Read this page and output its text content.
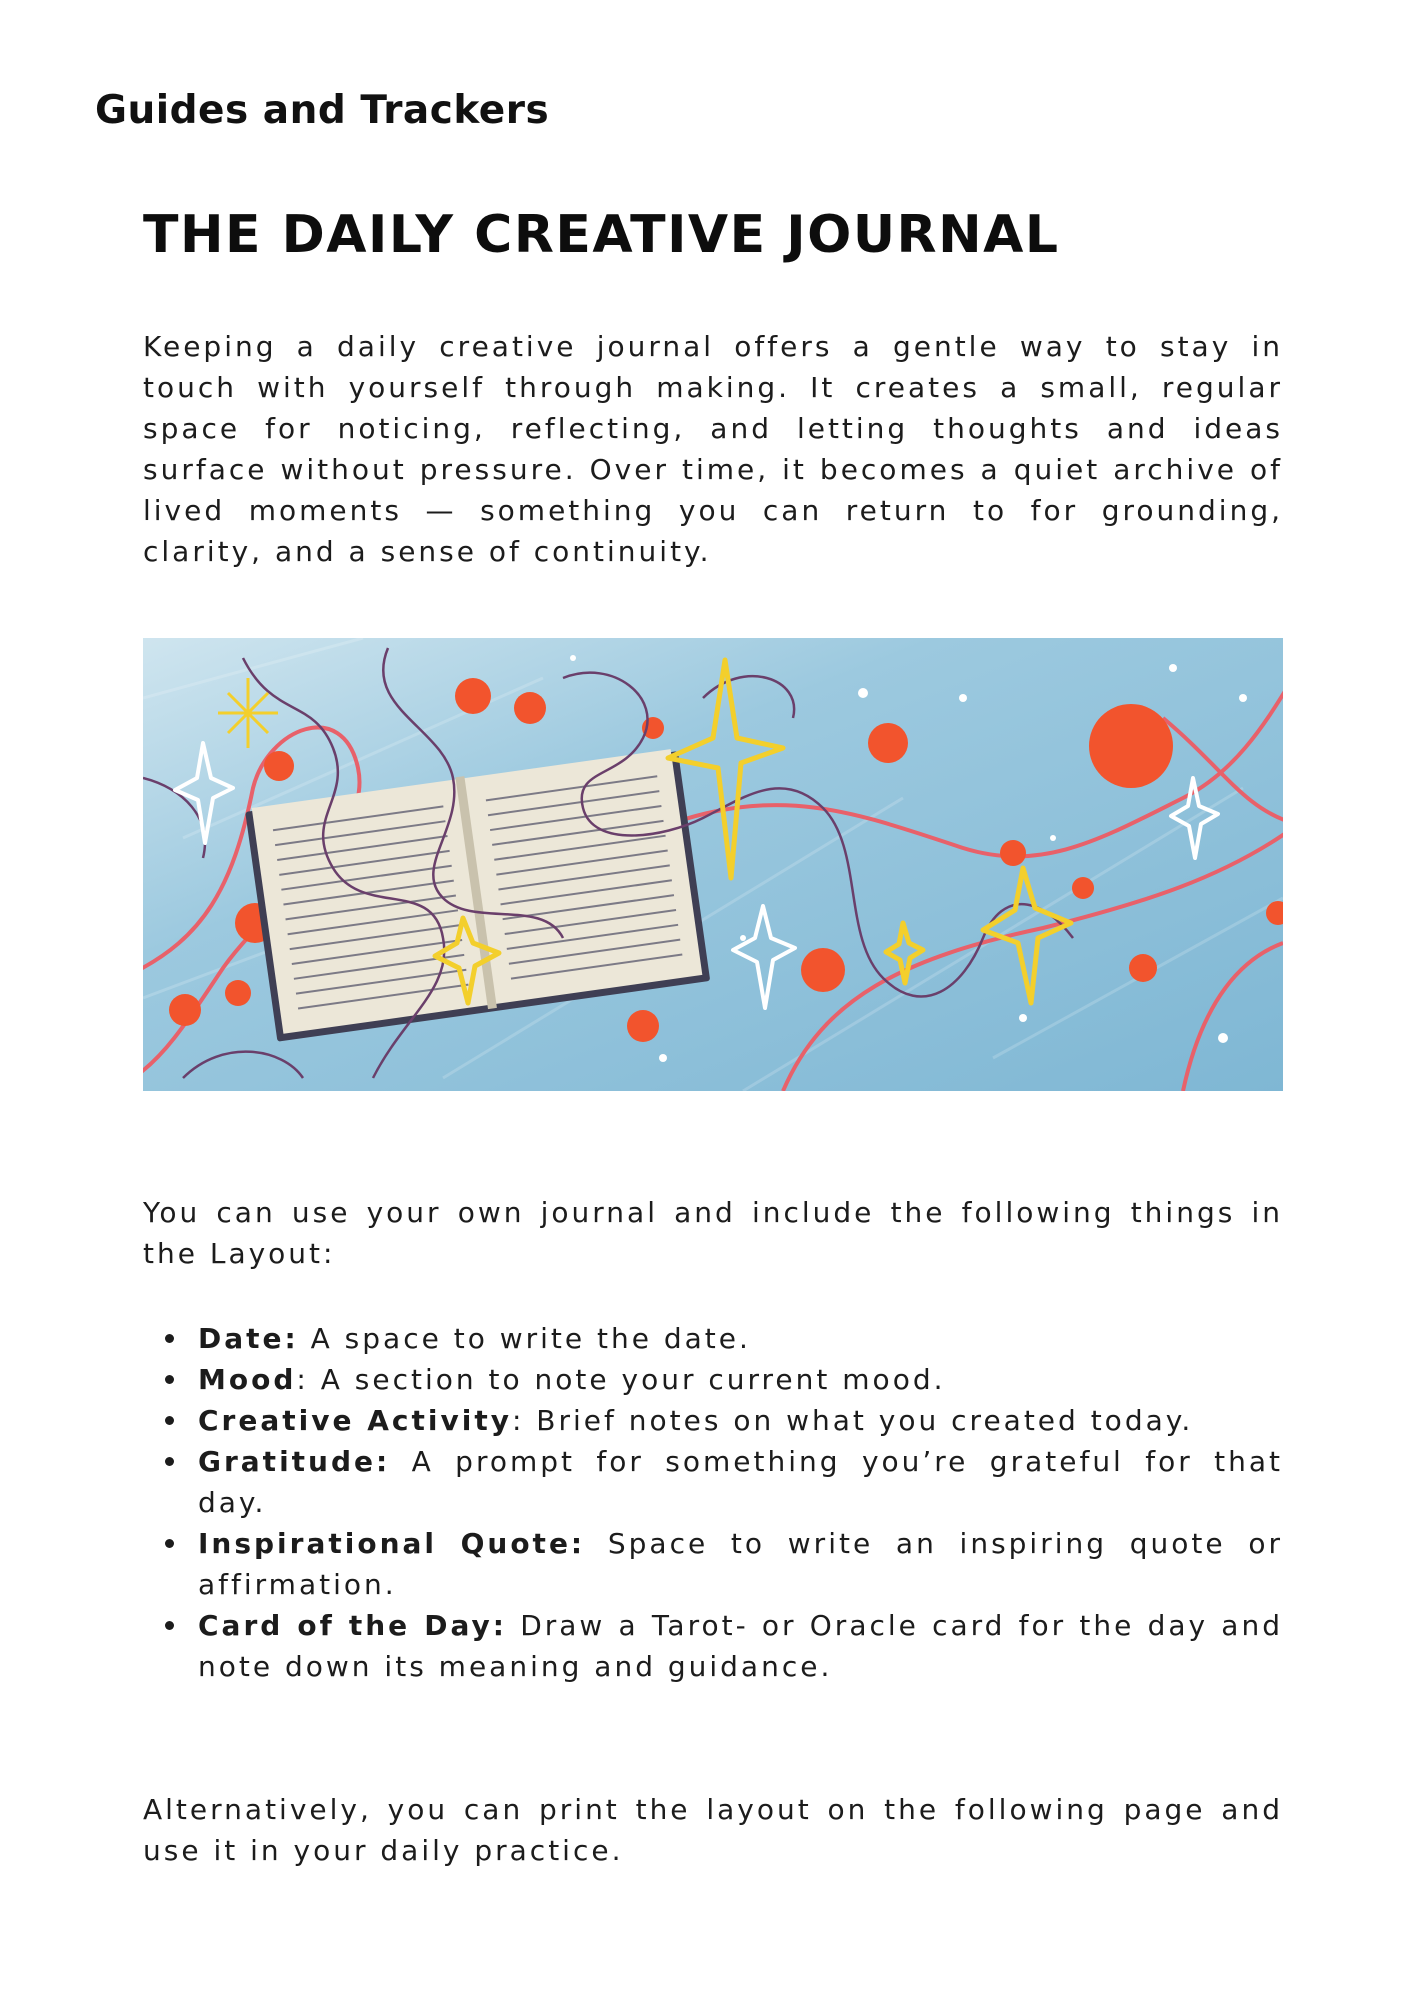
Guides and Trackers
THE DAILY CREATIVE JOURNAL

Keeping a daily creative journal offers a gentle way to stay in touch with yourself through making. It creates a small, regular space for noticing, reflecting, and letting thoughts and ideas surface without pressure. Over time, it becomes a quiet archive of lived moments — something you can return to for grounding, clarity, and a sense of continuity.

You can use your own journal and include the following things in the Layout:

Date: A space to write the date.
Mood: A section to note your current mood.
Creative Activity: Brief notes on what you created today.
Gratitude: A prompt for something you’re grateful for that day.
Inspirational Quote: Space to write an inspiring quote or affirmation.
Card of the Day: Draw a Tarot- or Oracle card for the day and note down its meaning and guidance.

Alternatively, you can print the layout on the following page and use it in your daily practice.
